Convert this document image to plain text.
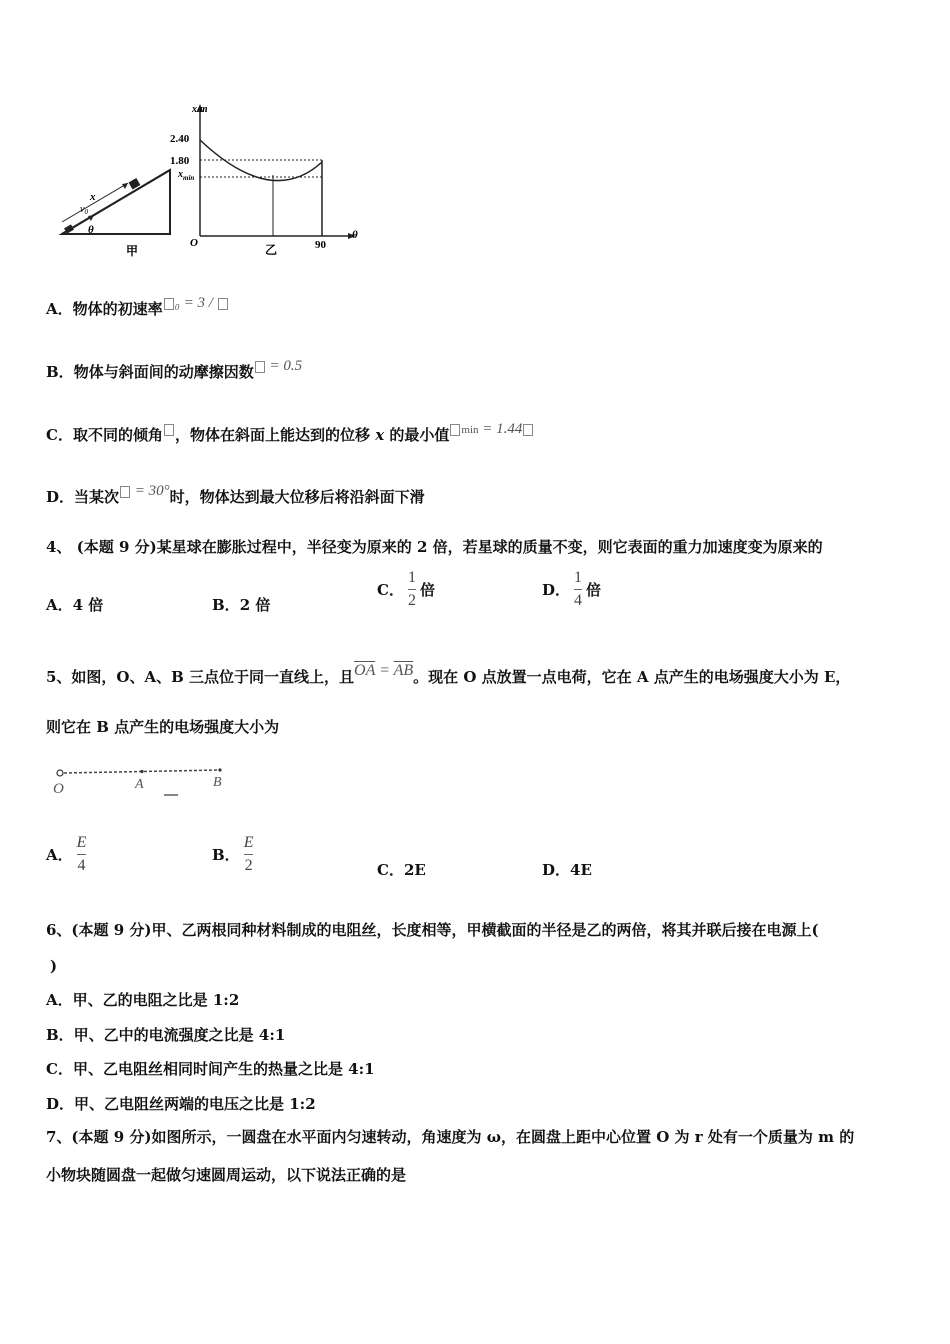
x
$v_0$
θ
甲
x/m
2.40
1.80
$x_{min}$
O	90
θ
乙
A．物体的初速率 ₀ = 3 /
B．物体与斜面间的动摩擦因数 = 0.5
C．取不同的倾角 ，物体在斜面上能达到的位移 x 的最小值 min = 1.44
D．当某次 = 30°时，物体达到最大位移后将沿斜面下滑
4、 (本题 9 分)某星球在膨胀过程中，半径变为原来的 2 倍，若星球的质量不变，则它表面的重力加速度变为原来的
A．4 倍	B．2 倍
C． $\frac{1}{2}$ 倍	D． $\frac{1}{4}$ 倍
5、如图，O、A、B 三点位于同一直线上，且$\overline{OA} = \overline{AB}$。现在 O 点放置一点电荷，它在 A 点产生的电场强度大小为 E，
则它在 B 点产生的电场强度大小为
O	A	B
A． $\frac{E}{4}$	B． $\frac{E}{2}$	C．2E	D．4E
6、(本题 9 分)甲、乙两根同种材料制成的电阻丝，长度相等，甲横截面的半径是乙的两倍，将其并联后接在电源上(
)
A．甲、乙的电阻之比是 1:2
B．甲、乙中的电流强度之比是 4:1
C．甲、乙电阻丝相同时间产生的热量之比是 4:1
D．甲、乙电阻丝两端的电压之比是 1:2
7、(本题 9 分)如图所示，一圆盘在水平面内匀速转动，角速度为 ω，在圆盘上距中心位置 O 为 r 处有一个质量为 m 的
小物块随圆盘一起做匀速圆周运动，以下说法正确的是
